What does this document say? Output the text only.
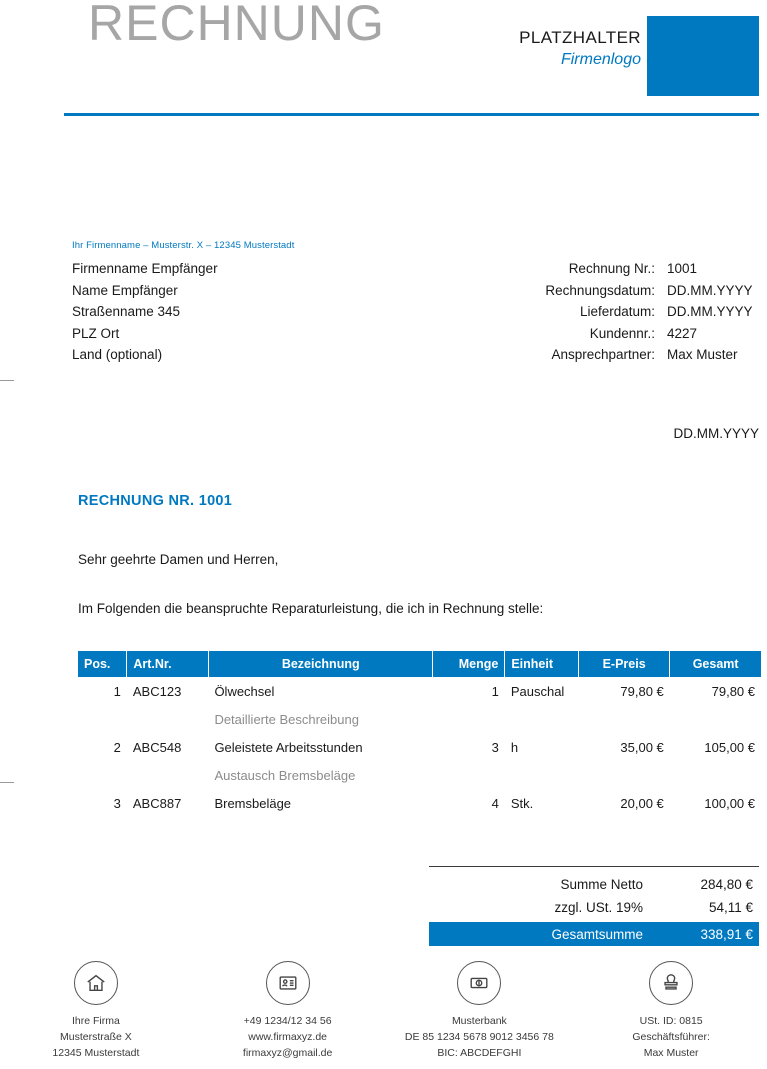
RECHNUNG	PLATZHALTER
Firmenlogo
Ihr Firmenname – Musterstr. X – 12345 Musterstadt
Firmenname Empfänger
Name Empfänger
Straßenname 345
PLZ Ort
Land (optional)
Rechnung Nr.:	1001
Rechnungsdatum:	DD.MM.YYYY
Lieferdatum:	DD.MM.YYYY
Kundennr.:	4227
Ansprechpartner:	Max Muster
DD.MM.YYYY
RECHNUNG NR. 1001
Sehr geehrte Damen und Herren,
Im Folgenden die beanspruchte Reparaturleistung, die ich in Rechnung stelle:
Pos.	Art.Nr.	Bezeichnung	Menge	Einheit	E-Preis	Gesamt
1	ABC123	Ölwechsel	1	Pauschal	79,80 €	79,80 €
		Detaillierte Beschreibung				
2	ABC548	Geleistete Arbeitsstunden	3	h	35,00 €	105,00 €
		Austausch Bremsbeläge				
3	ABC887	Bremsbeläge	4	Stk.	20,00 €	100,00 €
Summe Netto	284,80 €
zzgl. USt. 19%	54,11 €
Gesamtsumme	338,91 €
Ihre Firma
Musterstraße X
12345 Musterstadt
+49 1234/12 34 56
www.firmaxyz.de
firmaxyz@gmail.de
Musterbank
DE 85 1234 5678 9012 3456 78
BIC: ABCDEFGHI
USt. ID: 0815
Geschäftsführer:
Max Muster
